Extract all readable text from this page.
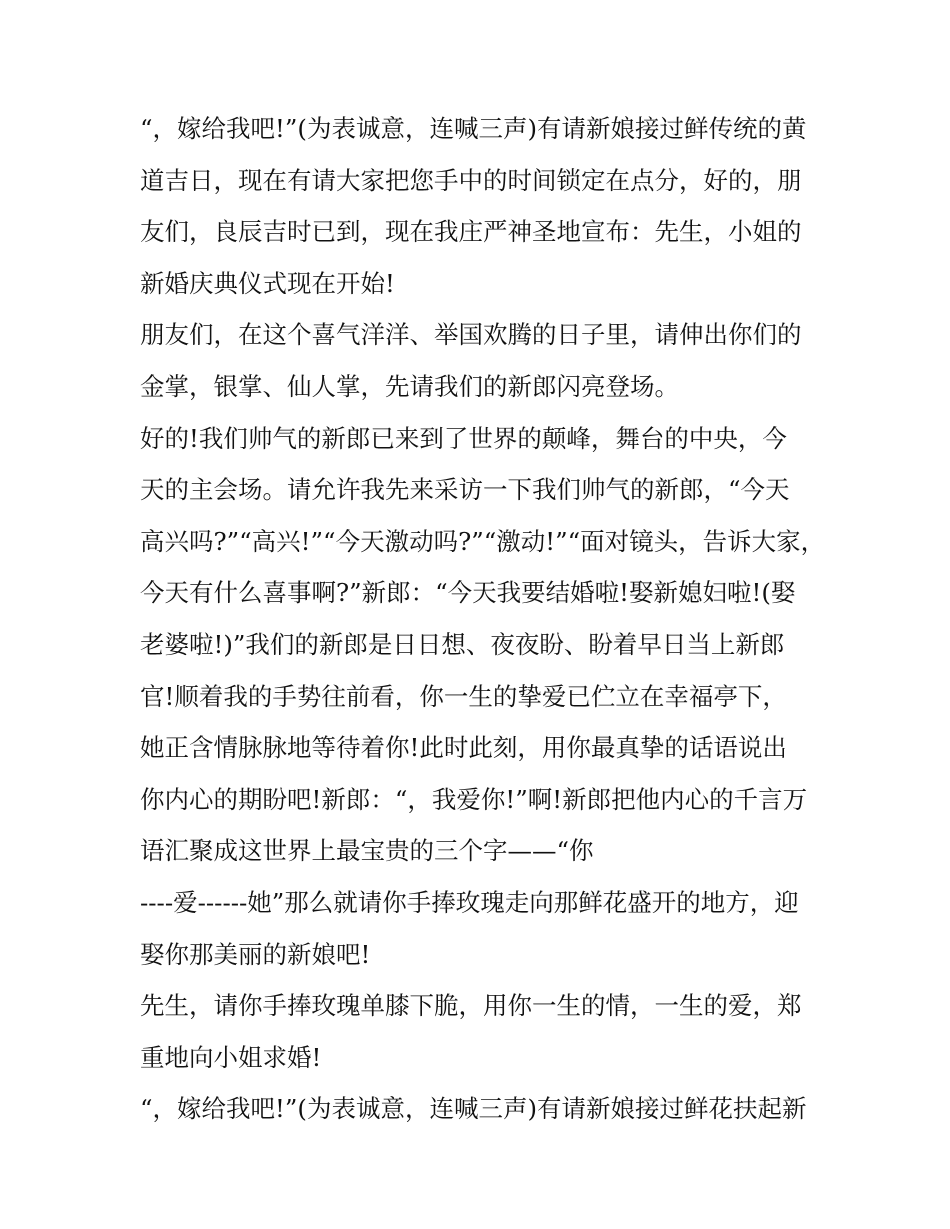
“，嫁给我吧!”(为表诚意，连喊三声)有请新娘接过鲜传统的黄
道吉日，现在有请大家把您手中的时间锁定在点分，好的，朋
友们，良辰吉时已到，现在我庄严神圣地宣布：先生，小姐的
新婚庆典仪式现在开始!
朋友们，在这个喜气洋洋、举国欢腾的日子里，请伸出你们的
金掌，银掌、仙人掌，先请我们的新郎闪亮登场。
好的!我们帅气的新郎已来到了世界的颠峰，舞台的中央，今
天的主会场。请允许我先来采访一下我们帅气的新郎，“今天
高兴吗?”“高兴!”“今天激动吗?”“激动!”“面对镜头，告诉大家，
今天有什么喜事啊?”新郎：“今天我要结婚啦!娶新媳妇啦!(娶
老婆啦!)”我们的新郎是日日想、夜夜盼、盼着早日当上新郎
官!顺着我的手势往前看，你一生的挚爱已伫立在幸福亭下，
她正含情脉脉地等待着你!此时此刻，用你最真挚的话语说出
你内心的期盼吧!新郎：“，我爱你!”啊!新郎把他内心的千言万
语汇聚成这世界上最宝贵的三个字——“你
----爱------她”那么就请你手捧玫瑰走向那鲜花盛开的地方，迎
娶你那美丽的新娘吧!
先生，请你手捧玫瑰单膝下脆，用你一生的情，一生的爱，郑
重地向小姐求婚!
“，嫁给我吧!”(为表诚意，连喊三声)有请新娘接过鲜花扶起新
